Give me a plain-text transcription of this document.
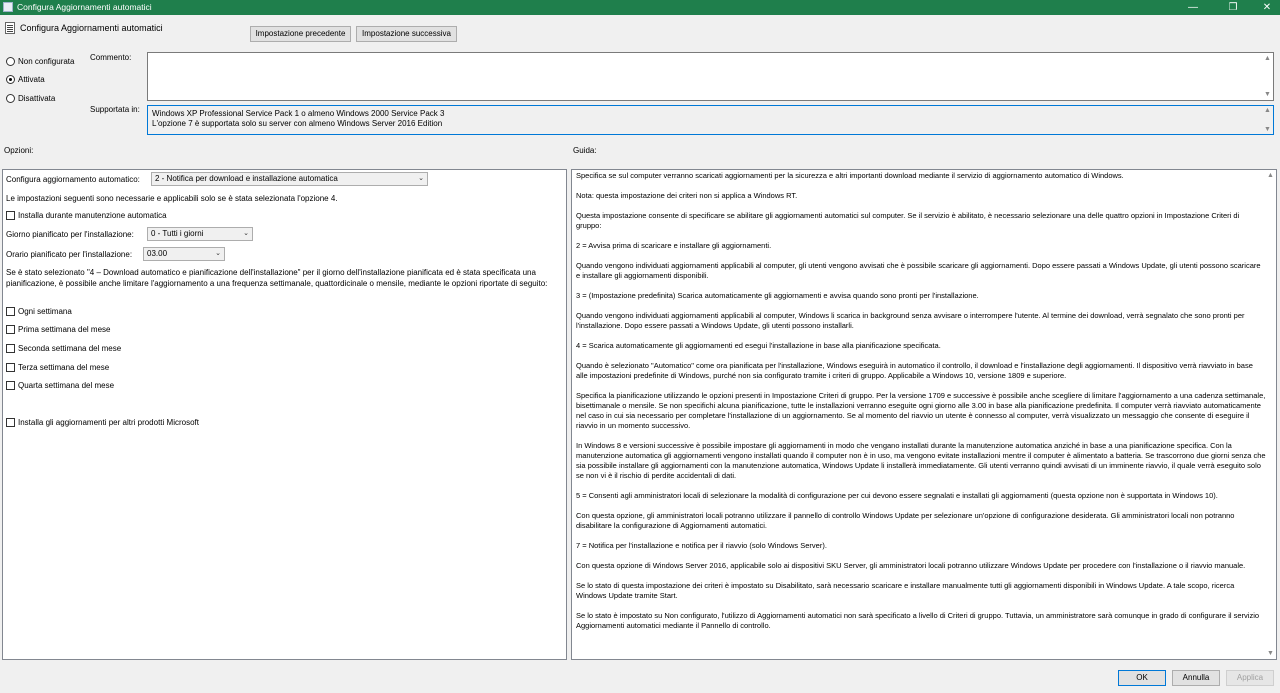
Configura Aggiornamenti automatici	—	❐	✕
Configura Aggiornamenti automatici
Impostazione precedente	Impostazione successiva
Non configurata
Attivata
Disattivata
Commento:	▲
▼
Supportata in: Windows XP Professional Service Pack 1 o almeno Windows 2000 Service Pack 3
L'opzione 7 è supportata solo su server con almeno Windows Server 2016 Edition
▲
▼
Opzioni:	Guida:
Configura aggiornamento automatico:	2 - Notifica per download e installazione automatica	⌄
Le impostazioni seguenti sono necessarie e applicabili solo se è stata selezionata l'opzione 4.
Installa durante manutenzione automatica
Giorno pianificato per l'installazione:	0 - Tutti i giorni	⌄
Orario pianificato per l'installazione:	03.00	⌄
Se è stato selezionato "4 – Download automatico e pianificazione dell'installazione" per il giorno dell'installazione pianificata ed è stata specificata una pianificazione, è possibile anche limitare l'aggiornamento a una frequenza settimanale, quattordicinale o mensile, mediante le opzioni riportate di seguito:
Ogni settimana
Prima settimana del mese
Seconda settimana del mese
Terza settimana del mese
Quarta settimana del mese
Installa gli aggiornamenti per altri prodotti Microsoft
▲
▼

Specifica se sul computer verranno scaricati aggiornamenti per la sicurezza e altri importanti download mediante il servizio di aggiornamento automatico di Windows.

Nota: questa impostazione dei criteri non si applica a Windows RT.

Questa impostazione consente di specificare se abilitare gli aggiornamenti automatici sul computer. Se il servizio è abilitato, è necessario selezionare una delle quattro opzioni in Impostazione Criteri di gruppo:

2 = Avvisa prima di scaricare e installare gli aggiornamenti.

Quando vengono individuati aggiornamenti applicabili al computer, gli utenti vengono avvisati che è possibile scaricare gli aggiornamenti. Dopo essere passati a Windows Update, gli utenti possono scaricare e installare gli aggiornamenti disponibili.

3 = (Impostazione predefinita) Scarica automaticamente gli aggiornamenti e avvisa quando sono pronti per l'installazione.

Quando vengono individuati aggiornamenti applicabili al computer, Windows li scarica in background senza avvisare o interrompere l'utente. Al termine dei download, verrà segnalato che sono pronti per l'installazione. Dopo essere passati a Windows Update, gli utenti possono installarli.

4 = Scarica automaticamente gli aggiornamenti ed esegui l'installazione in base alla pianificazione specificata.

Quando è selezionato "Automatico" come ora pianificata per l'installazione, Windows eseguirà in automatico il controllo, il download e l'installazione degli aggiornamenti. Il dispositivo verrà riavviato in base alle impostazioni predefinite di Windows, purché non sia configurato tramite i criteri di gruppo. Applicabile a Windows 10, versione 1809 e superiore.

Specifica la pianificazione utilizzando le opzioni presenti in Impostazione Criteri di gruppo. Per la versione 1709 e successive è possibile anche scegliere di limitare l'aggiornamento a una cadenza settimanale, bisettimanale o mensile. Se non specifichi alcuna pianificazione, tutte le installazioni verranno eseguite ogni giorno alle 3.00 in base alla pianificazione predefinita. Il computer verrà riavviato automaticamente nel caso in cui sia necessario per completare l'installazione di un aggiornamento. Se al momento del riavvio un utente è connesso al computer, verrà visualizzato un messaggio che consente di eseguire il riavvio in un momento successivo.

In Windows 8 e versioni successive è possibile impostare gli aggiornamenti in modo che vengano installati durante la manutenzione automatica anziché in base a una pianificazione specifica. Con la manutenzione automatica gli aggiornamenti vengono installati quando il computer non è in uso, ma vengono evitate installazioni mentre il computer è alimentato a batteria. Se trascorrono due giorni senza che sia possibile installare gli aggiornamenti con la manutenzione automatica, Windows Update li installerà immediatamente. Gli utenti verranno quindi avvisati di un imminente riavvio, il quale verrà eseguito solo se non vi è il rischio di perdite accidentali di dati.

5 = Consenti agli amministratori locali di selezionare la modalità di configurazione per cui devono essere segnalati e installati gli aggiornamenti (questa opzione non è supportata in Windows 10).

Con questa opzione, gli amministratori locali potranno utilizzare il pannello di controllo Windows Update per selezionare un'opzione di configurazione desiderata. Gli amministratori locali non potranno disabilitare la configurazione di Aggiornamenti automatici.

7 = Notifica per l'installazione e notifica per il riavvio (solo Windows Server).

Con questa opzione di Windows Server 2016, applicabile solo ai dispositivi SKU Server, gli amministratori locali potranno utilizzare Windows Update per procedere con l'installazione o il riavvio manuale.

Se lo stato di questa impostazione dei criteri è impostato su Disabilitato, sarà necessario scaricare e installare manualmente tutti gli aggiornamenti disponibili in Windows Update. A tale scopo, ricerca Windows Update tramite Start.

Se lo stato è impostato su Non configurato, l'utilizzo di Aggiornamenti automatici non sarà specificato a livello di Criteri di gruppo. Tuttavia, un amministratore sarà comunque in grado di configurare il servizio Aggiornamenti automatici mediante il Pannello di controllo.

OK	Annulla	Applica
